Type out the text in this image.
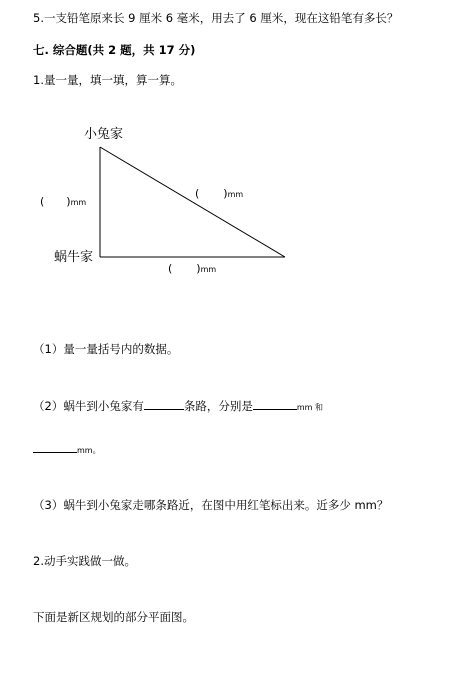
5.一支铅笔原来长 9 厘米 6 毫米，用去了 6 厘米，现在这铅笔有多长？
七. 综合题(共 2 题，共 17 分)
1.量一量，填一填，算一算。
小兔家
蜗牛家
( )mm
( )mm
( )mm
（1）量一量括号内的数据。
（2）蜗牛到小兔家有	条路，分别是	mm 和
mm。
（3）蜗牛到小兔家走哪条路近，在图中用红笔标出来。近多少 mm？
2.动手实践做一做。
下面是新区规划的部分平面图。
